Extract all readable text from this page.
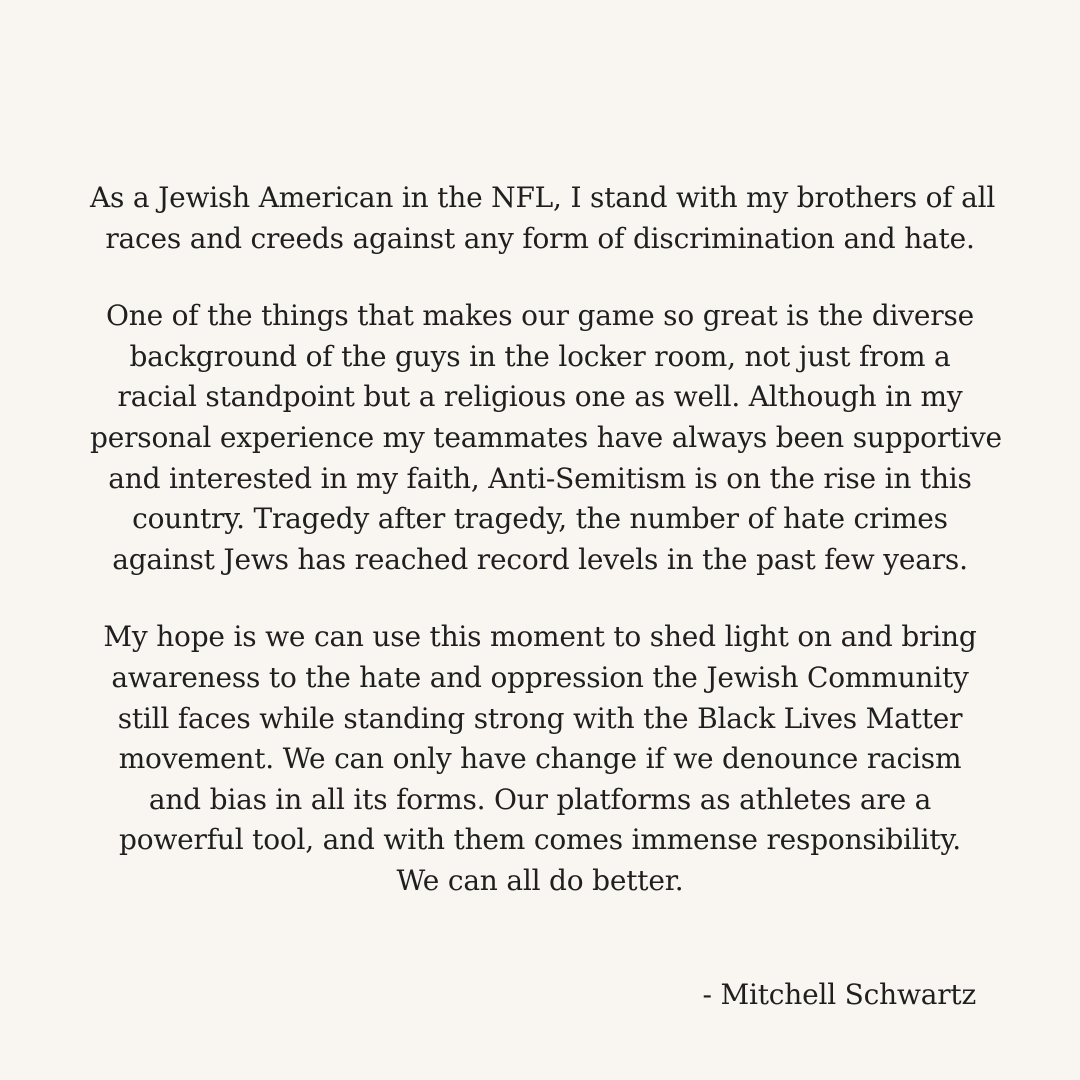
As a Jewish American in the NFL, I stand with my brothers of all
races and creeds against any form of discrimination and hate.

One of the things that makes our game so great is the diverse
background of the guys in the locker room, not just from a
racial standpoint but a religious one as well. Although in my
personal experience my teammates have always been supportive
and interested in my faith, Anti-Semitism is on the rise in this
country. Tragedy after tragedy, the number of hate crimes
against Jews has reached record levels in the past few years.

My hope is we can use this moment to shed light on and bring
awareness to the hate and oppression the Jewish Community
still faces while standing strong with the Black Lives Matter
movement. We can only have change if we denounce racism
and bias in all its forms. Our platforms as athletes are a
powerful tool, and with them comes immense responsibility.
We can all do better.

- Mitchell Schwartz
